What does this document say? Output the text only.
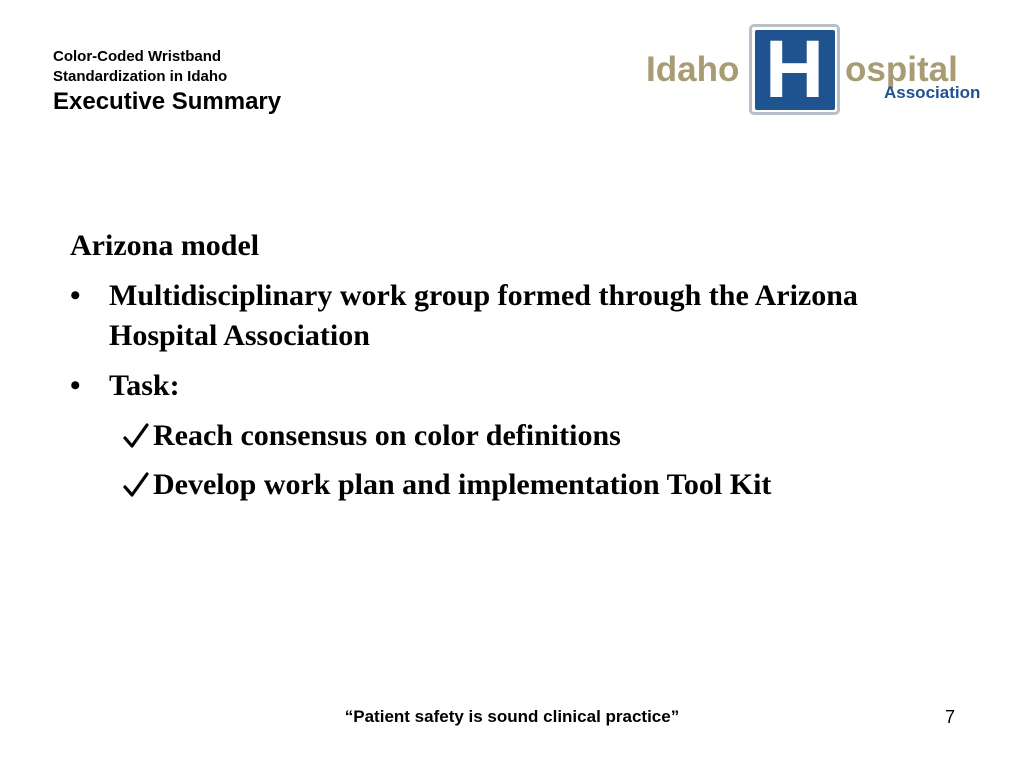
Color-Coded Wristband

Standardization in Idaho

Executive Summary

Idaho H ospital
Association

Arizona model

• Multidisciplinary work group formed through the Arizona Hospital Association
• Task:
Reach consensus on color definitions
Develop work plan and implementation Tool Kit
“Patient safety is sound clinical practice”	7
